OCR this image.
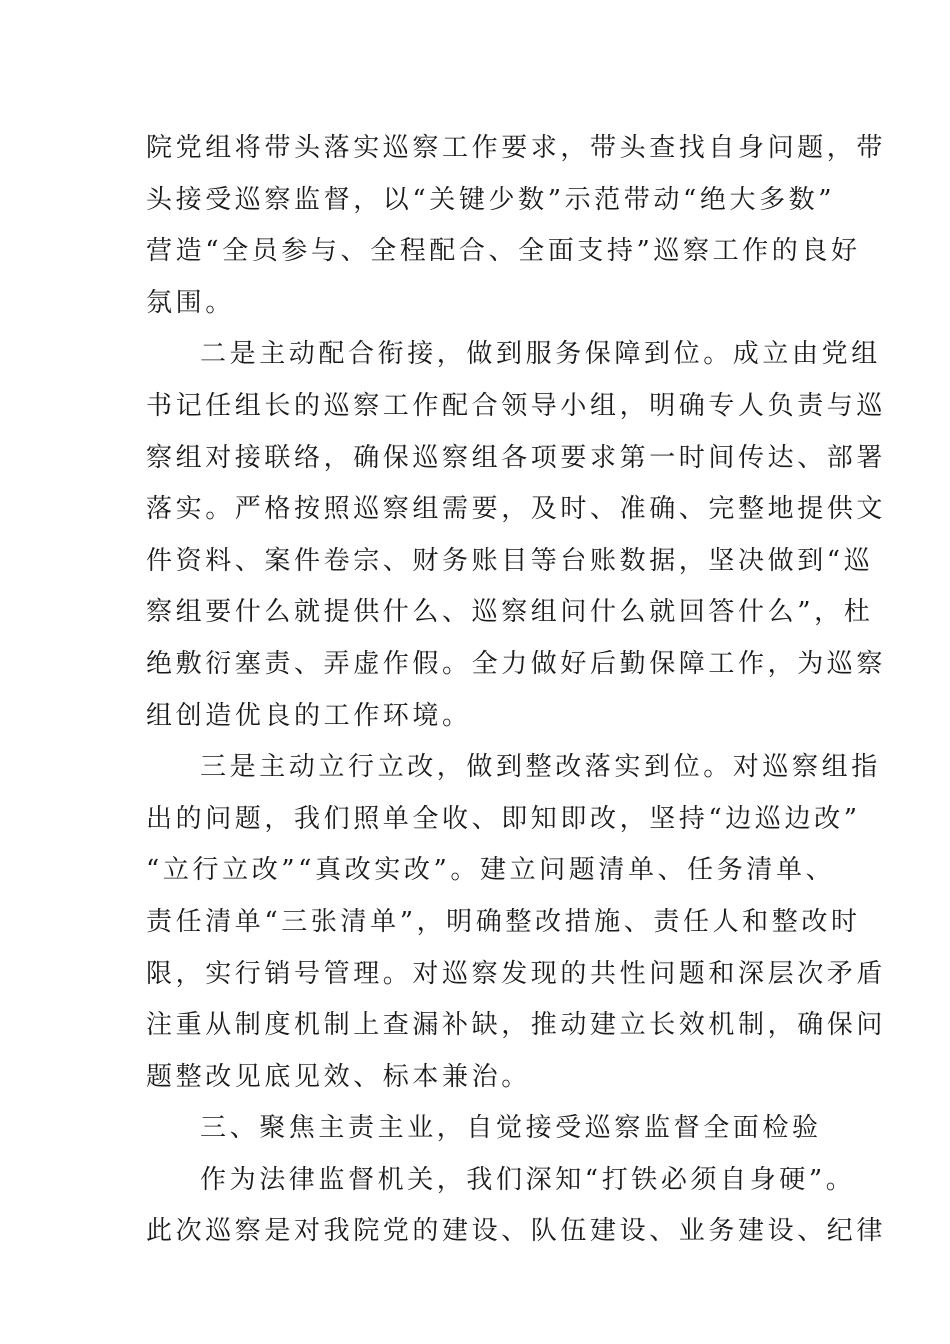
院党组将带头落实巡察工作要求，带头查找自身问题，带
头接受巡察监督，以“关键少数”示范带动“绝大多数”
营造“全员参与、全程配合、全面支持”巡察工作的良好
氛围。
二是主动配合衔接，做到服务保障到位。成立由党组
书记任组长的巡察工作配合领导小组，明确专人负责与巡
察组对接联络，确保巡察组各项要求第一时间传达、部署
落实。严格按照巡察组需要，及时、准确、完整地提供文
件资料、案件卷宗、财务账目等台账数据，坚决做到“巡
察组要什么就提供什么、巡察组问什么就回答什么”，杜
绝敷衍塞责、弄虚作假。全力做好后勤保障工作，为巡察
组创造优良的工作环境。
三是主动立行立改，做到整改落实到位。对巡察组指
出的问题，我们照单全收、即知即改，坚持“边巡边改”
“立行立改”“真改实改”。建立问题清单、任务清单、
责任清单“三张清单”，明确整改措施、责任人和整改时
限，实行销号管理。对巡察发现的共性问题和深层次矛盾
注重从制度机制上查漏补缺，推动建立长效机制，确保问
题整改见底见效、标本兼治。
三、聚焦主责主业，自觉接受巡察监督全面检验
作为法律监督机关，我们深知“打铁必须自身硬”。
此次巡察是对我院党的建设、队伍建设、业务建设、纪律
